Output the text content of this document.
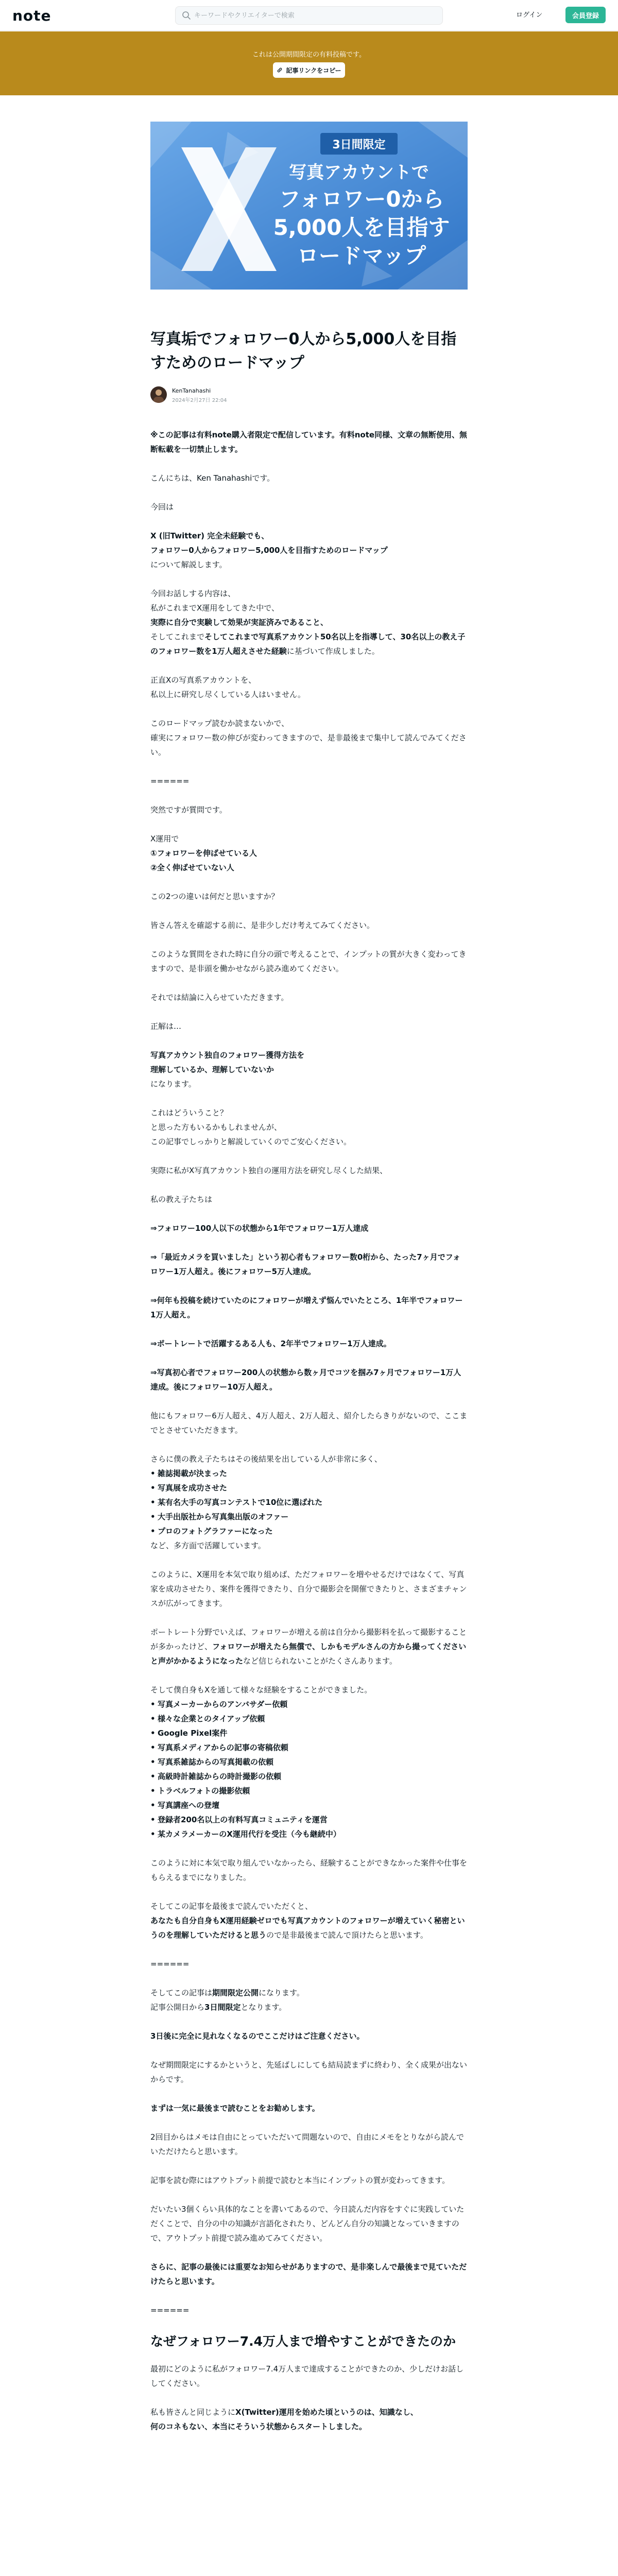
note
キーワードやクリエイターで検索	ログイン	会員登録
これは公開期間限定の有料投稿です。
記事リンクをコピー
3日間限定
写真アカウントで
フォロワー0から
5,000人を目指す
ロードマップ
写真垢でフォロワー0人から5,000人を目指すためのロードマップ
KenTanahashi
2024年2月27日 22:04

※この記事は有料note購入者限定で配信しています。有料note同様、文章の無断使用、無断転載を一切禁止します。

こんにちは、Ken Tanahashiです。

今回は

X (旧Twitter) 完全未経験でも、
フォロワー0人からフォロワー5,000人を目指すためのロードマップ

について解説します。

今回お話しする内容は、
私がこれまでX運用をしてきた中で、
実際に自分で実験して効果が実証済みであること、
そしてこれまでそしてこれまで写真系アカウント50名以上を指導して、30名以上の教え子のフォロワー数を1万人超えさせた経験に基づいて作成しました。

正直Xの写真系アカウントを、
私以上に研究し尽くしている人はいません。

このロードマップ読むか読まないかで、
確実にフォロワー数の伸びが変わってきますので、是非最後まで集中して読んでみてください。

======

突然ですが質問です。

X運用で
①フォロワーを伸ばせている人
②全く伸ばせていない人

この2つの違いは何だと思いますか？

皆さん答えを確認する前に、是非少しだけ考えてみてください。

このような質問をされた時に自分の頭で考えることで、インプットの質が大きく変わってきますので、是非頭を働かせながら読み進めてください。

それでは結論に入らせていただきます。

正解は…

写真アカウント独自のフォロワー獲得方法を
理解しているか、理解していないか

になります。

これはどういうこと？
と思った方もいるかもしれませんが、
この記事でしっかりと解説していくのでご安心ください。

実際に私がX写真アカウント独自の運用方法を研究し尽くした結果、

私の教え子たちは

⇒フォロワー100人以下の状態から1年でフォロワー1万人達成

⇒「最近カメラを買いました」という初心者もフォロワー数0桁から、たった7ヶ月でフォロワー1万人超え。後にフォロワー5万人達成。

⇒何年も投稿を続けていたのにフォロワーが増えず悩んでいたところ、1年半でフォロワー1万人超え。

⇒ポートレートで活躍するある人も、2年半でフォロワー1万人達成。

⇒写真初心者でフォロワー200人の状態から数ヶ月でコツを掴み7ヶ月でフォロワー1万人達成。後にフォロワー10万人超え。

他にもフォロワー6万人超え、4万人超え、2万人超え、紹介したらきりがないので、ここまでとさせていただきます。

さらに僕の教え子たちはその後結果を出している人が非常に多く、

• 雑誌掲載が決まった
• 写真展を成功させた
• 某有名大手の写真コンテストで10位に選ばれた
• 大手出版社から写真集出版のオファー
• プロのフォトグラファーになった

など、多方面で活躍しています。

このように、X運用を本気で取り組めば、ただフォロワーを増やせるだけではなくて、写真家を成功させたり、案件を獲得できたり、自分で撮影会を開催できたりと、さまざまチャンスが広がってきます。

ポートレート分野でいえば、フォロワーが増える前は自分から撮影料を払って撮影することが多かったけど、フォロワーが増えたら無償で、しかもモデルさんの方から撮ってくださいと声がかかるようになったなど信じられないことがたくさんあります。

そして僕自身もXを通して様々な経験をすることができました。

• 写真メーカーからのアンバサダー依頼
• 様々な企業とのタイアップ依頼
• Google Pixel案件
• 写真系メディアからの記事の寄稿依頼
• 写真系雑誌からの写真掲載の依頼
• 高級時計雑誌からの時計撮影の依頼
• トラベルフォトの撮影依頼
• 写真講座への登壇
• 登録者200名以上の有料写真コミュニティを運営
• 某カメラメーカーのX運用代行を受注（今も継続中）

このように対に本気で取り組んでいなかったら、経験することができなかった案件や仕事をもらえるまでになりました。

そしてこの記事を最後まで読んでいただくと、
あなたも自分自身もX運用経験ゼロでも写真アカウントのフォロワーが増えていく秘密というのを理解していただけると思うので是非最後まで読んで頂けたらと思います。

======

そしてこの記事は期間限定公開になります。
記事公開日から3日間限定となります。

3日後に完全に見れなくなるのでここだけはご注意ください。

なぜ期間限定にするかというと、先延ばしにしても結局読まずに終わり、全く成果が出ないからです。

まずは一気に最後まで読むことをお勧めします。

2回目からはメモは自由にとっていただいて問題ないので、自由にメモをとりながら読んでいただけたらと思います。

記事を読む際にはアウトプット前提で読むと本当にインプットの質が変わってきます。

だいたい3個くらい具体的なことを書いてあるので、今日読んだ内容をすぐに実践していただくことで、自分の中の知識が言語化されたり、どんどん自分の知識となっていきますので、アウトプット前提で読み進めてみてください。

さらに、記事の最後には重要なお知らせがありますので、是非楽しんで最後まで見ていただけたらと思います。

======

なぜフォロワー7.4万人まで増やすことができたのか

最初にどのように私がフォロワー7.4万人まで達成することができたのか、少しだけお話ししてください。

私も皆さんと同じようにX(Twitter)運用を始めた頃というのは、知識なし、
何のコネもない、本当にそういう状態からスタートしました。
